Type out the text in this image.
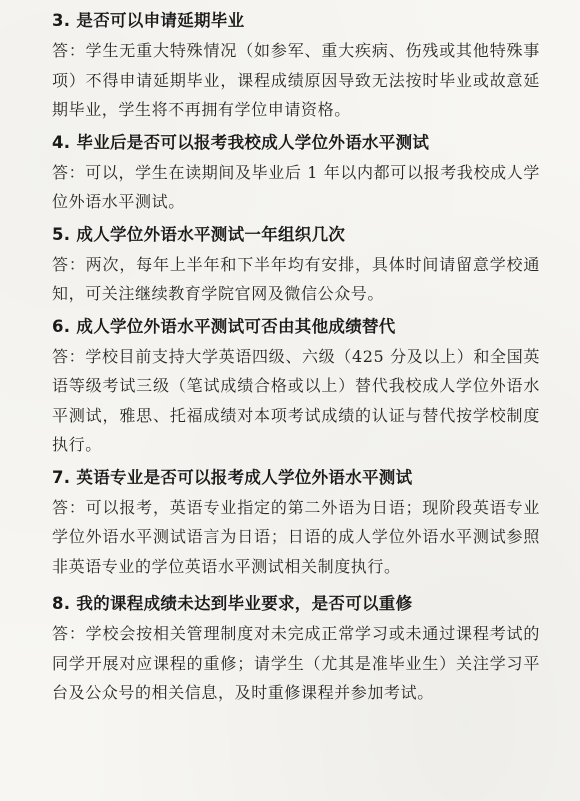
3. 是否可以申请延期毕业

答：学生无重大特殊情况（如参军、重大疾病、伤残或其他特殊事项）不得申请延期毕业，课程成绩原因导致无法按时毕业或故意延期毕业，学生将不再拥有学位申请资格。

4. 毕业后是否可以报考我校成人学位外语水平测试

答：可以，学生在读期间及毕业后 1 年以内都可以报考我校成人学位外语水平测试。

5. 成人学位外语水平测试一年组织几次

答：两次，每年上半年和下半年均有安排，具体时间请留意学校通知，可关注继续教育学院官网及微信公众号。

6. 成人学位外语水平测试可否由其他成绩替代

答：学校目前支持大学英语四级、六级（425 分及以上）和全国英语等级考试三级（笔试成绩合格或以上）替代我校成人学位外语水平测试，雅思、托福成绩对本项考试成绩的认证与替代按学校制度执行。

7. 英语专业是否可以报考成人学位外语水平测试

答：可以报考，英语专业指定的第二外语为日语；现阶段英语专业学位外语水平测试语言为日语；日语的成人学位外语水平测试参照非英语专业的学位英语水平测试相关制度执行。

8. 我的课程成绩未达到毕业要求，是否可以重修

答：学校会按相关管理制度对未完成正常学习或未通过课程考试的同学开展对应课程的重修；请学生（尤其是准毕业生）关注学习平台及公众号的相关信息，及时重修课程并参加考试。
